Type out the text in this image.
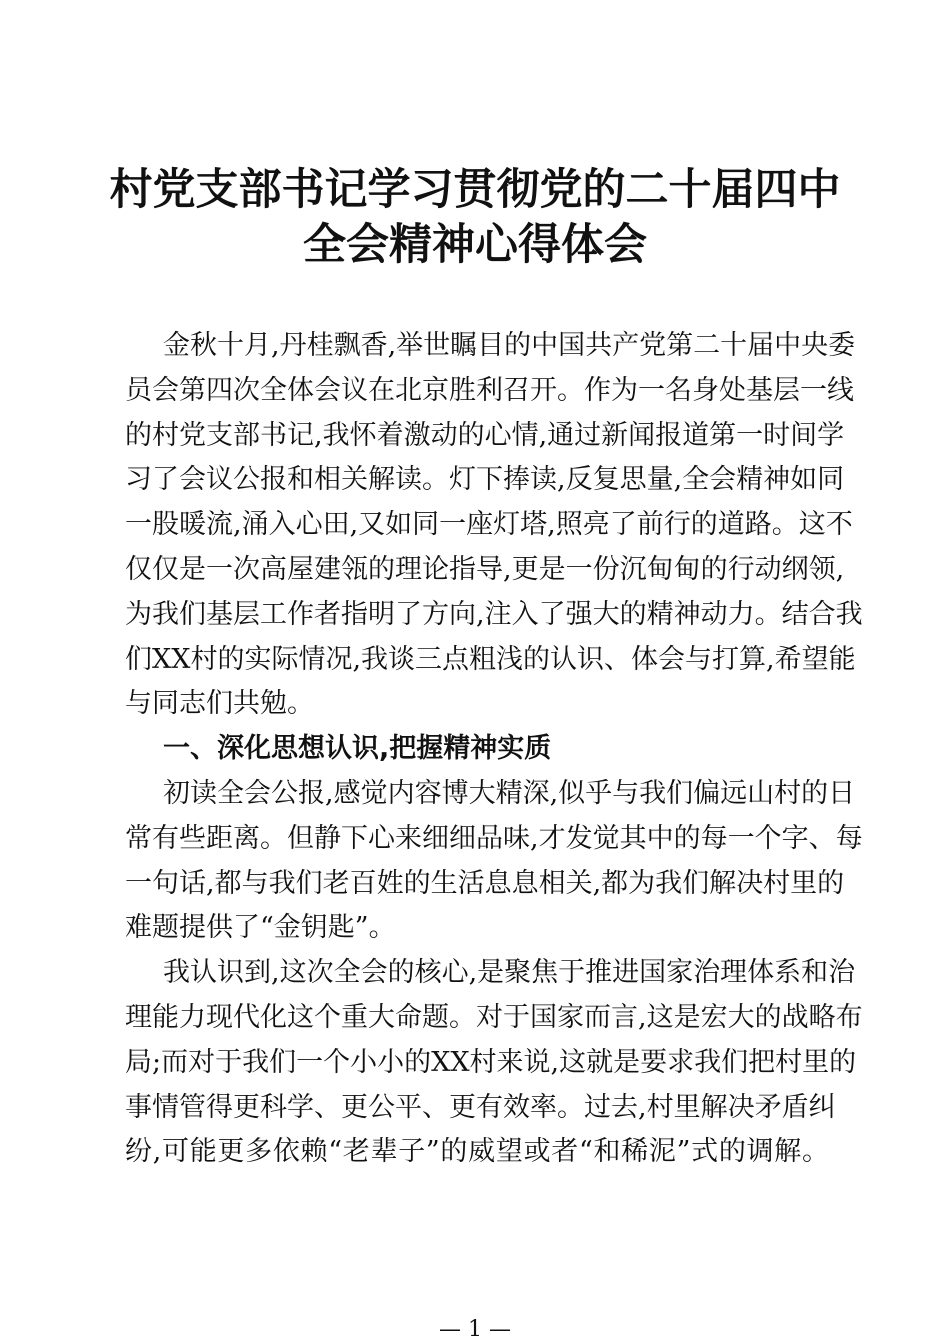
村党支部书记学习贯彻党的二十届四中
全会精神心得体会
金秋十月,丹桂飘香,举世瞩目的中国共产党第二十届中央委
员会第四次全体会议在北京胜利召开。作为一名身处基层一线
的村党支部书记,我怀着激动的心情,通过新闻报道第一时间学
习了会议公报和相关解读。灯下捧读,反复思量,全会精神如同
一股暖流,涌入心田,又如同一座灯塔,照亮了前行的道路。这不
仅仅是一次高屋建瓴的理论指导,更是一份沉甸甸的行动纲领,
为我们基层工作者指明了方向,注入了强大的精神动力。结合我
们XX村的实际情况,我谈三点粗浅的认识、体会与打算,希望能
与同志们共勉。
一、深化思想认识,把握精神实质
初读全会公报,感觉内容博大精深,似乎与我们偏远山村的日
常有些距离。但静下心来细细品味,才发觉其中的每一个字、每
一句话,都与我们老百姓的生活息息相关,都为我们解决村里的
难题提供了“金钥匙”。
我认识到,这次全会的核心,是聚焦于推进国家治理体系和治
理能力现代化这个重大命题。对于国家而言,这是宏大的战略布
局;而对于我们一个小小的XX村来说,这就是要求我们把村里的
事情管得更科学、更公平、更有效率。过去,村里解决矛盾纠
纷,可能更多依赖“老辈子”的威望或者“和稀泥”式的调解。
— 1 —
